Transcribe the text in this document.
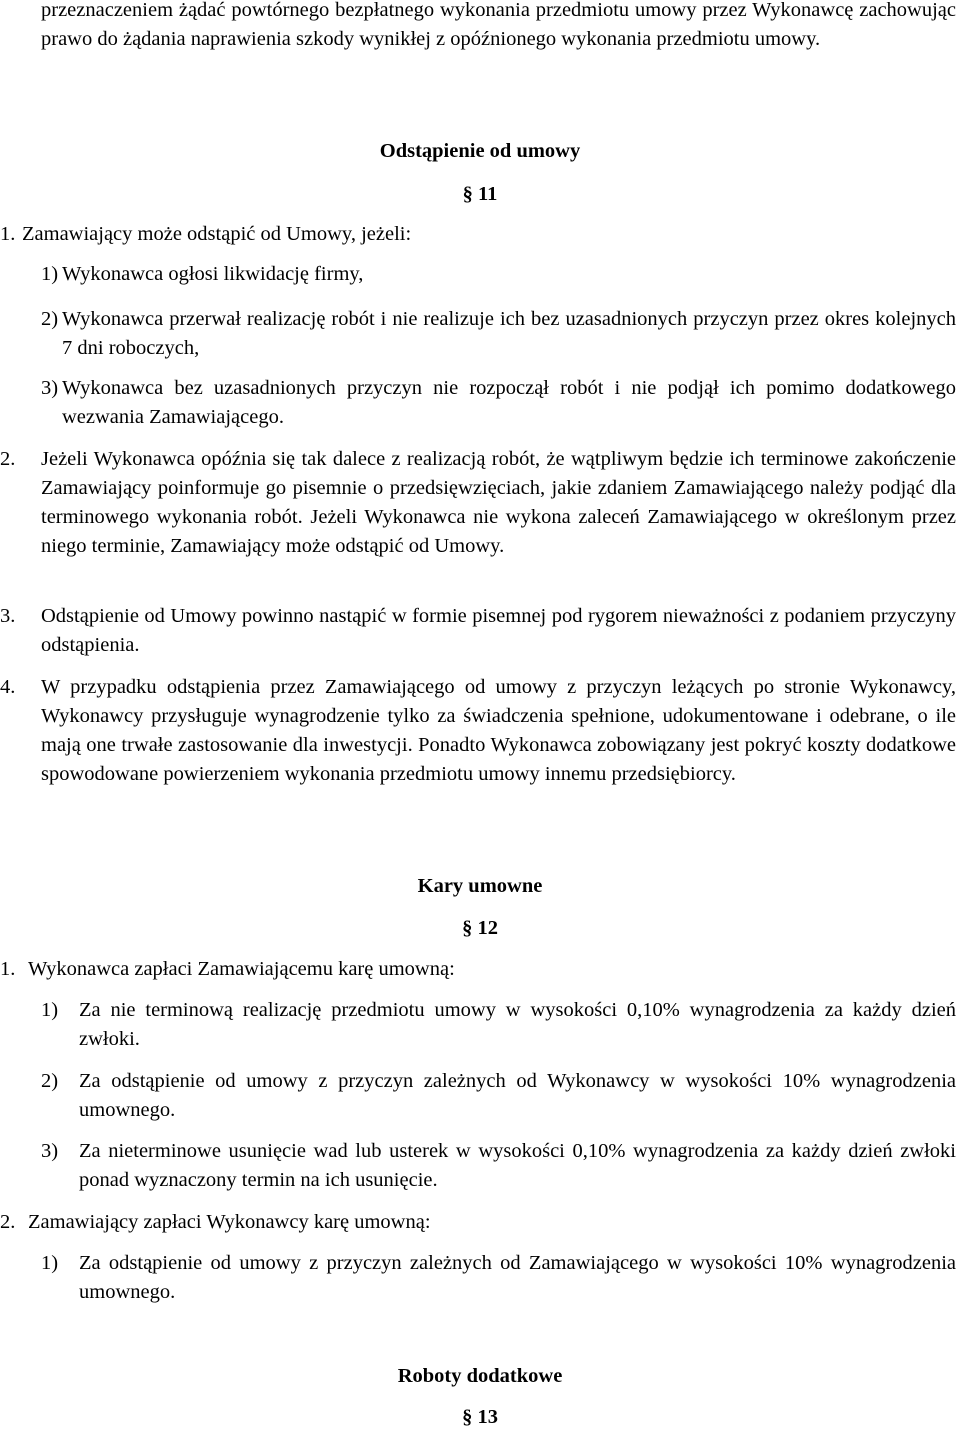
przeznaczeniem żądać powtórnego bezpłatnego wykonania przedmiotu umowy przez Wykonawcę zachowując prawo do żądania naprawienia szkody wynikłej z opóźnionego wykonania przedmiotu umowy.

Odstąpienie od umowy
§ 11
1. Zamawiający może odstąpić od Umowy, jeżeli:
1) Wykonawca ogłosi likwidację firmy,
2) Wykonawca przerwał realizację robót i nie realizuje ich bez uzasadnionych przyczyn przez okres kolejnych 7 dni roboczych,
3) Wykonawca bez uzasadnionych przyczyn nie rozpoczął robót i nie podjął ich pomimo dodatkowego wezwania Zamawiającego.
2.	Jeżeli Wykonawca opóźnia się tak dalece z realizacją robót, że wątpliwym będzie ich terminowe zakończenie Zamawiający poinformuje go pisemnie o przedsięwzięciach, jakie zdaniem Zamawiającego należy podjąć dla terminowego wykonania robót. Jeżeli Wykonawca nie wykona zaleceń Zamawiającego w określonym przez niego terminie, Zamawiający może odstąpić od Umowy.
3.	Odstąpienie od Umowy powinno nastąpić w formie pisemnej pod rygorem nieważności z podaniem przyczyny odstąpienia.
4.	W przypadku odstąpienia przez Zamawiającego od umowy z przyczyn leżących po stronie Wykonawcy, Wykonawcy przysługuje wynagrodzenie tylko za świadczenia spełnione, udokumentowane i odebrane, o ile mają one trwałe zastosowanie dla inwestycji. Ponadto Wykonawca zobowiązany jest pokryć koszty dodatkowe spowodowane powierzeniem wykonania przedmiotu umowy innemu przedsiębiorcy.
Kary umowne
§ 12
1. Wykonawca zapłaci Zamawiającemu karę umowną:
1)	Za nie terminową realizację przedmiotu umowy w wysokości 0,10% wynagrodzenia za każdy dzień zwłoki.
2)	Za odstąpienie od umowy z przyczyn zależnych od Wykonawcy w wysokości 10% wynagrodzenia umownego.
3)	Za nieterminowe usunięcie wad lub usterek w wysokości 0,10% wynagrodzenia za każdy dzień zwłoki ponad wyznaczony termin na ich usunięcie.
2. Zamawiający zapłaci Wykonawcy karę umowną:
1)	Za odstąpienie od umowy z przyczyn zależnych od Zamawiającego w wysokości 10% wynagrodzenia umownego.
Roboty dodatkowe
§ 13
